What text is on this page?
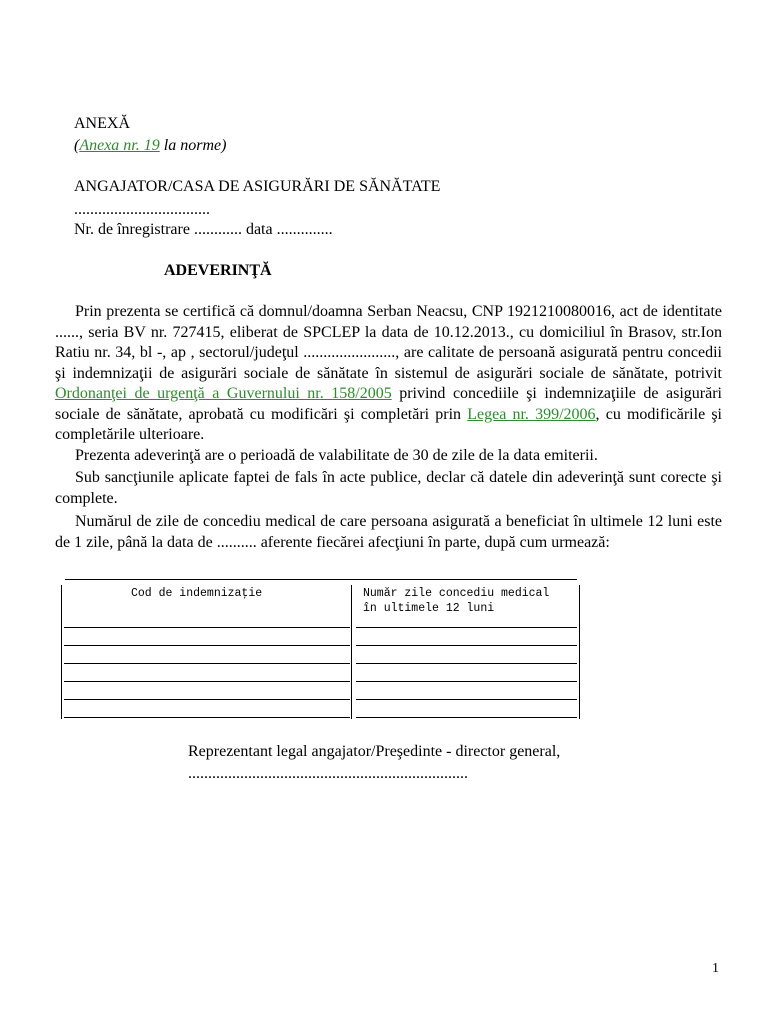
ANEXĂ
(Anexa nr. 19 la norme)
ANGAJATOR/CASA DE ASIGURĂRI DE SĂNĂTATE
..................................
Nr. de înregistrare ............ data ..............
ADEVERINŢĂ
Prin prezenta se certifică că domnul/doamna Serban Neacsu, CNP 1921210080016, act de identitate ......, seria BV nr. 727415, eliberat de SPCLEP la data de 10.12.2013., cu domiciliul în Brasov, str.Ion Ratiu nr. 34, bl -, ap , sectorul/judeţul ......................., are calitate de persoană asigurată pentru concedii şi indemnizaţii de asigurări sociale de sănătate în sistemul de asigurări sociale de sănătate, potrivit Ordonanţei de urgenţă a Guvernului nr. 158/2005 privind concediile şi indemnizaţiile de asigurări sociale de sănătate, aprobată cu modificări şi completări prin Legea nr. 399/2006, cu modificările şi completările ulterioare.
Prezenta adeverinţă are o perioadă de valabilitate de 30 de zile de la data emiterii.
Sub sancţiunile aplicate faptei de fals în acte publice, declar că datele din adeverinţă sunt corecte şi complete.
Numărul de zile de concediu medical de care persoana asigurată a beneficiat în ultimele 12 luni este de 1 zile, până la data de .......... aferente fiecărei afecţiuni în parte, după cum urmează:
Cod de indemnizaţie	Număr zile concediu medical
în ultimele 12 luni
Reprezentant legal angajator/Preşedinte - director general,
......................................................................
1
